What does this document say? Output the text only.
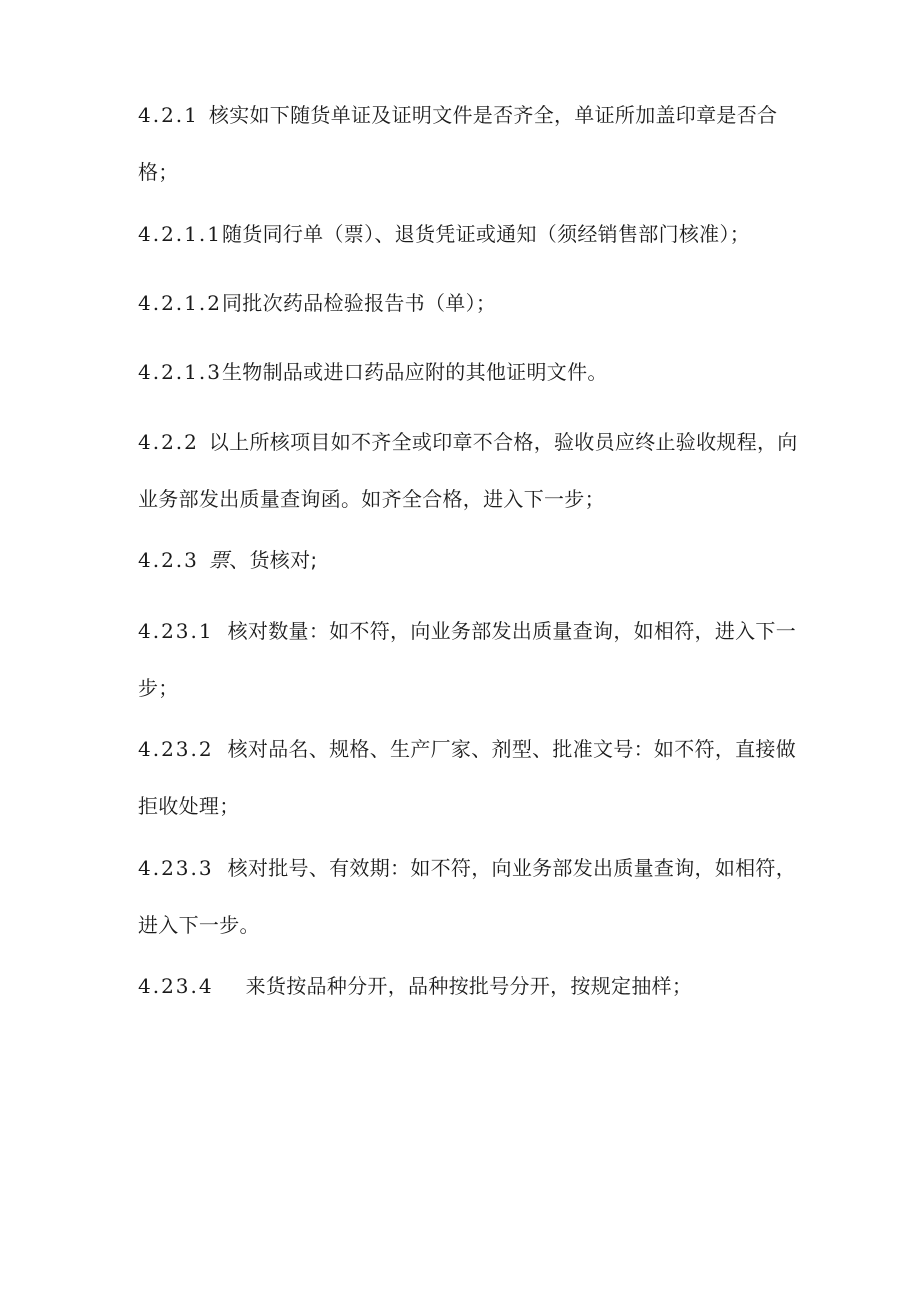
4.2.1 核实如下随货单证及证明文件是否齐全，单证所加盖印章是否合格；
4.2.1.1随货同行单（票）、退货凭证或通知（须经销售部门核准）；
4.2.1.2同批次药品检验报告书（单）；
4.2.1.3生物制品或进口药品应附的其他证明文件。
4.2.2 以上所核项目如不齐全或印章不合格，验收员应终止验收规程，向业务部发出质量查询函。如齐全合格，进入下一步；
4.2.3 票、货核对;
4.23.1 核对数量：如不符，向业务部发出质量查询，如相符，进入下一步；
4.23.2 核对品名、规格、生产厂家、剂型、批准文号：如不符，直接做拒收处理；
4.23.3 核对批号、有效期：如不符，向业务部发出质量查询，如相符，进入下一步。
4.23.4 来货按品种分开，品种按批号分开，按规定抽样；
